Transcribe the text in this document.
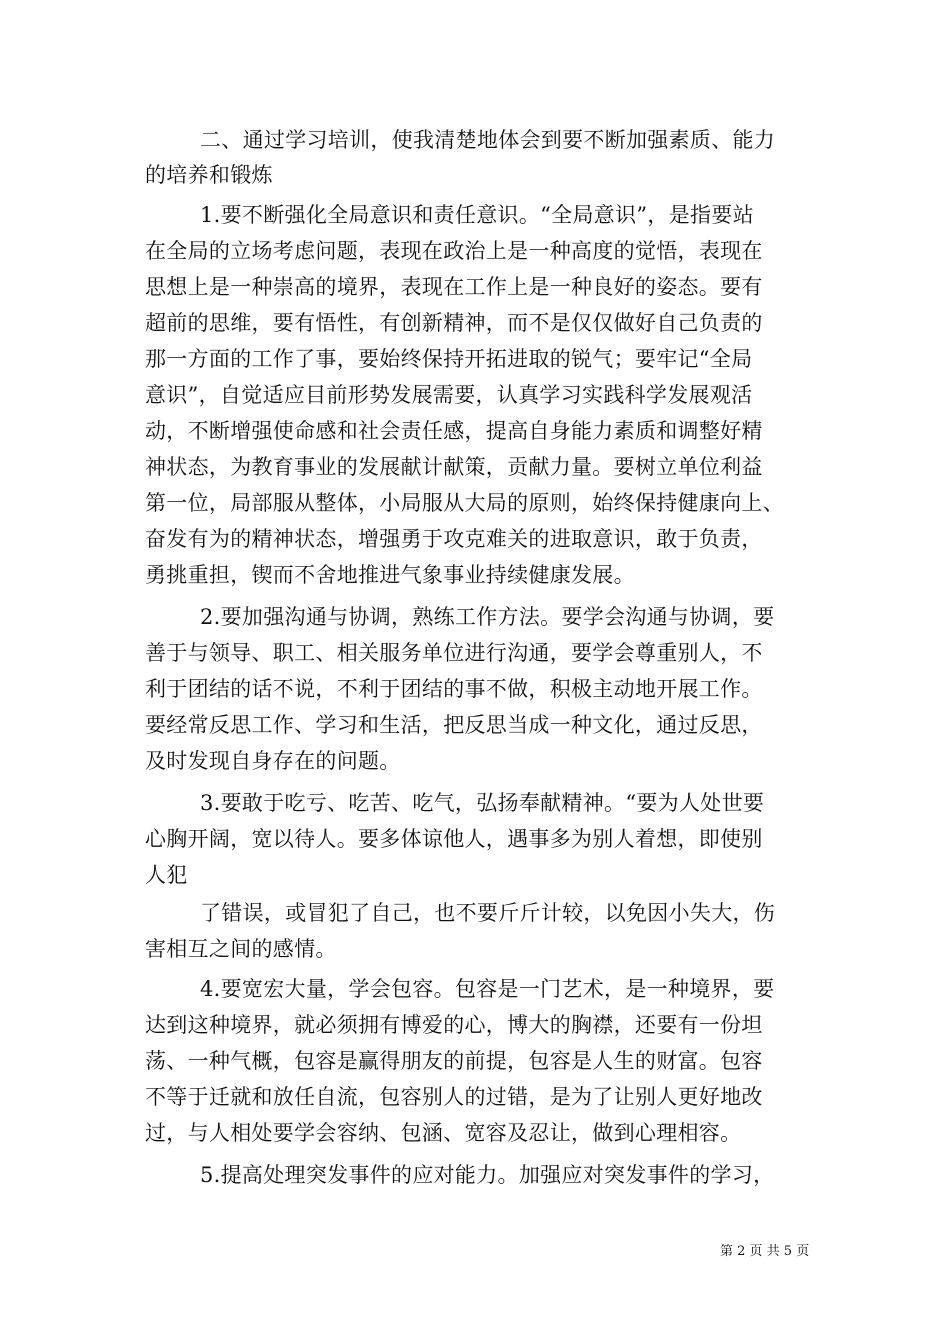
二、通过学习培训，使我清楚地体会到要不断加强素质、能力
的培养和锻炼
1.要不断强化全局意识和责任意识。“全局意识”，是指要站
在全局的立场考虑问题，表现在政治上是一种高度的觉悟，表现在
思想上是一种崇高的境界，表现在工作上是一种良好的姿态。要有
超前的思维，要有悟性，有创新精神，而不是仅仅做好自己负责的
那一方面的工作了事，要始终保持开拓进取的锐气；要牢记“全局
意识”，自觉适应目前形势发展需要，认真学习实践科学发展观活
动，不断增强使命感和社会责任感，提高自身能力素质和调整好精
神状态，为教育事业的发展献计献策，贡献力量。要树立单位利益
第一位，局部服从整体，小局服从大局的原则，始终保持健康向上、
奋发有为的精神状态，增强勇于攻克难关的进取意识，敢于负责，
勇挑重担，锲而不舍地推进气象事业持续健康发展。
2.要加强沟通与协调，熟练工作方法。要学会沟通与协调，要
善于与领导、职工、相关服务单位进行沟通，要学会尊重别人，不
利于团结的话不说，不利于团结的事不做，积极主动地开展工作。
要经常反思工作、学习和生活，把反思当成一种文化，通过反思，
及时发现自身存在的问题。
3.要敢于吃亏、吃苦、吃气，弘扬奉献精神。“要为人处世要
心胸开阔，宽以待人。要多体谅他人，遇事多为别人着想，即使别
人犯
了错误，或冒犯了自己，也不要斤斤计较，以免因小失大，伤
害相互之间的感情。
4.要宽宏大量，学会包容。包容是一门艺术，是一种境界，要
达到这种境界，就必须拥有博爱的心，博大的胸襟，还要有一份坦
荡、一种气概，包容是赢得朋友的前提，包容是人生的财富。包容
不等于迁就和放任自流，包容别人的过错，是为了让别人更好地改
过，与人相处要学会容纳、包涵、宽容及忍让，做到心理相容。
5.提高处理突发事件的应对能力。加强应对突发事件的学习，
第 2 页 共 5 页
